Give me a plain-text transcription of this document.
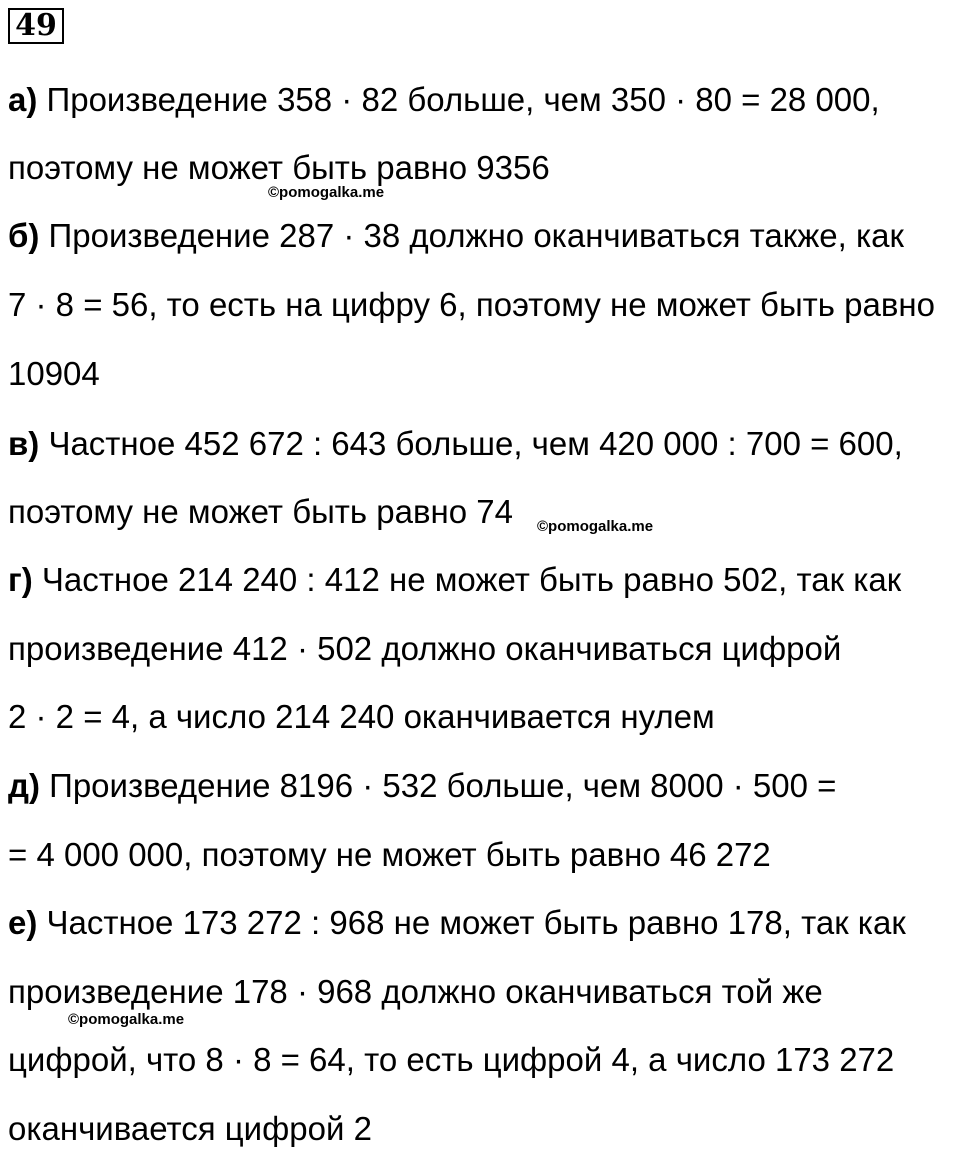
49
а) Произведение 358 · 82 больше, чем 350 · 80 = 28 000,
поэтому не может быть равно 9356
б) Произведение 287 · 38 должно оканчиваться также, как
7 · 8 = 56, то есть на цифру 6, поэтому не может быть равно
10904
в) Частное 452 672 : 643 больше, чем 420 000 : 700 = 600,
поэтому не может быть равно 74
г) Частное 214 240 : 412 не может быть равно 502, так как
произведение 412 · 502 должно оканчиваться цифрой
2 · 2 = 4, а число 214 240 оканчивается нулем
д) Произведение 8196 · 532 больше, чем 8000 · 500 =
= 4 000 000, поэтому не может быть равно 46 272
е) Частное 173 272 : 968 не может быть равно 178, так как
произведение 178 · 968 должно оканчиваться той же
цифрой, что 8 · 8 = 64, то есть цифрой 4, а число 173 272
оканчивается цифрой 2
©pomogalka.me
©pomogalka.me
©pomogalka.me
